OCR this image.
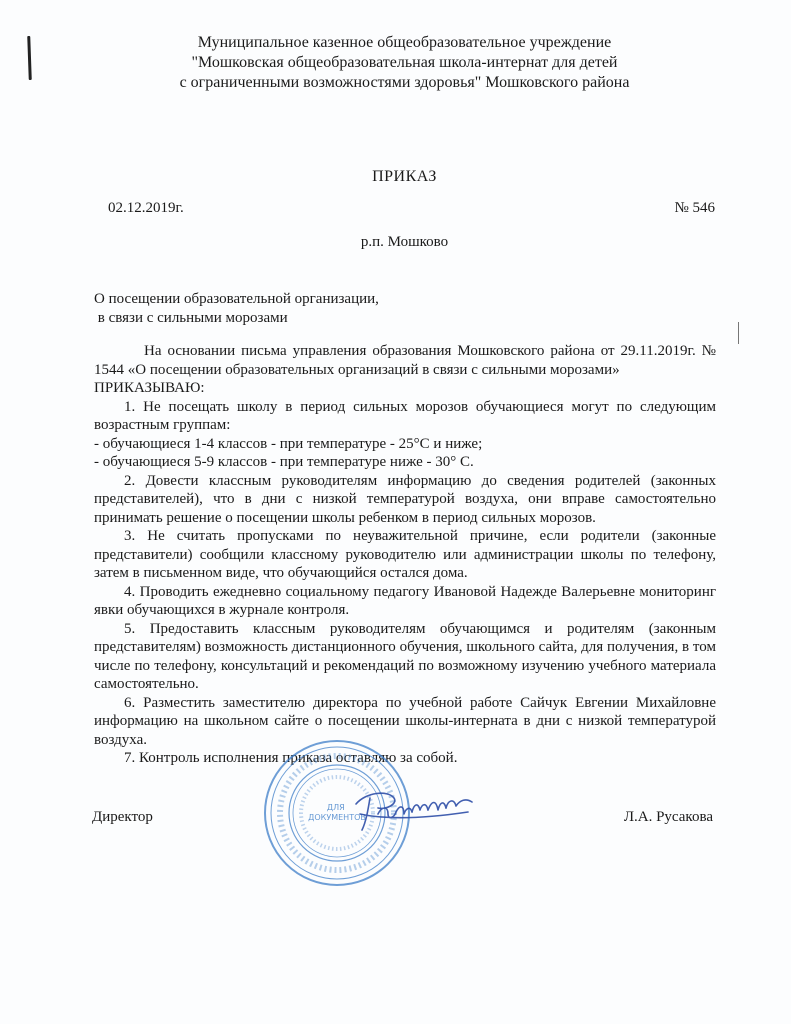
Муниципальное казенное общеобразовательное учреждение
"Мошковская общеобразовательная школа-интернат для детей
с ограниченными возможностями здоровья" Мошковского района
ПРИКАЗ
02.12.2019г.	№ 546
р.п. Мошково
О посещении образовательной организации,
в связи с сильными морозами

На основании письма управления образования Мошковского района от 29.11.2019г. № 1544 «О посещении образовательных организаций в связи с сильными морозами»

ПРИКАЗЫВАЮ:

1. Не посещать школу в период сильных морозов обучающиеся могут по следующим возрастным группам:

- обучающиеся 1-4 классов - при температуре - 25°С и ниже;

- обучающиеся 5-9 классов - при температуре ниже - 30° С.

2. Довести классным руководителям информацию до сведения родителей (законных представителей), что в дни с низкой температурой воздуха, они вправе самостоятельно принимать решение о посещении школы ребенком в период сильных морозов.

3. Не считать пропусками по неуважительной причине, если родители (законные представители) сообщили классному руководителю или администрации школы по телефону, затем в письменном виде, что обучающийся остался дома.

4. Проводить ежедневно социальному педагогу Ивановой Надежде Валерьевне мониторинг явки обучающихся в журнале контроля.

5. Предоставить классным руководителям обучающимся и родителям (законным представителям) возможность дистанционного обучения, школьного сайта, для получения, в том числе по телефону, консультаций и рекомендаций по возможному изучению учебного материала самостоятельно.

6. Разместить заместителю директора по учебной работе Сайчук Евгении Михайловне информацию на школьном сайте о посещении школы-интерната в дни с низкой температурой воздуха.

7. Контроль исполнения приказа оставляю за собой.

ДЛЯ ДОКУМЕНТОВ
Директор	Л.А. Русакова
